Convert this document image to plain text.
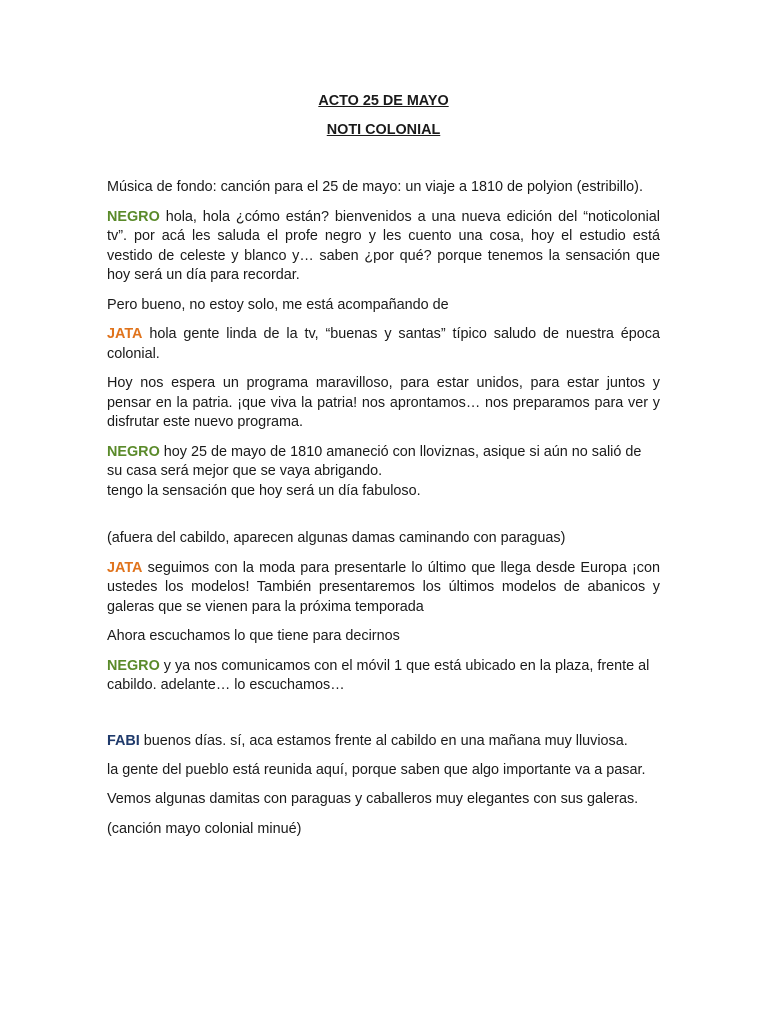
ACTO 25 DE MAYO
NOTI COLONIAL

Música de fondo: canción para el 25 de mayo: un viaje a 1810 de polyion (estribillo).

NEGRO hola, hola ¿cómo están? bienvenidos a una nueva edición del “noticolonial tv”. por acá les saluda el profe negro y les cuento una cosa, hoy el estudio está vestido de celeste y blanco y… saben ¿por qué? porque tenemos la sensación que hoy será un día para recordar.

Pero bueno, no estoy solo, me está acompañando de

JATA hola gente linda de la tv, “buenas y santas” típico saludo de nuestra época colonial.

Hoy nos espera un programa maravilloso, para estar unidos, para estar juntos y pensar en la patria. ¡que viva la patria! nos aprontamos… nos preparamos para ver y disfrutar este nuevo programa.

NEGRO hoy 25 de mayo de 1810 amaneció con lloviznas, asique si aún no salió de su casa será mejor que se vaya abrigando.
tengo la sensación que hoy será un día fabuloso.

(afuera del cabildo, aparecen algunas damas caminando con paraguas)

JATA seguimos con la moda para presentarle lo último que llega desde Europa ¡con ustedes los modelos! También presentaremos los últimos modelos de abanicos y galeras que se vienen para la próxima temporada

Ahora escuchamos lo que tiene para decirnos

NEGRO y ya nos comunicamos con el móvil 1 que está ubicado en la plaza, frente al cabildo. adelante… lo escuchamos…

FABI buenos días. sí, aca estamos frente al cabildo en una mañana muy lluviosa.

la gente del pueblo está reunida aquí, porque saben que algo importante va a pasar.

Vemos algunas damitas con paraguas y caballeros muy elegantes con sus galeras.

(canción mayo colonial minué)
